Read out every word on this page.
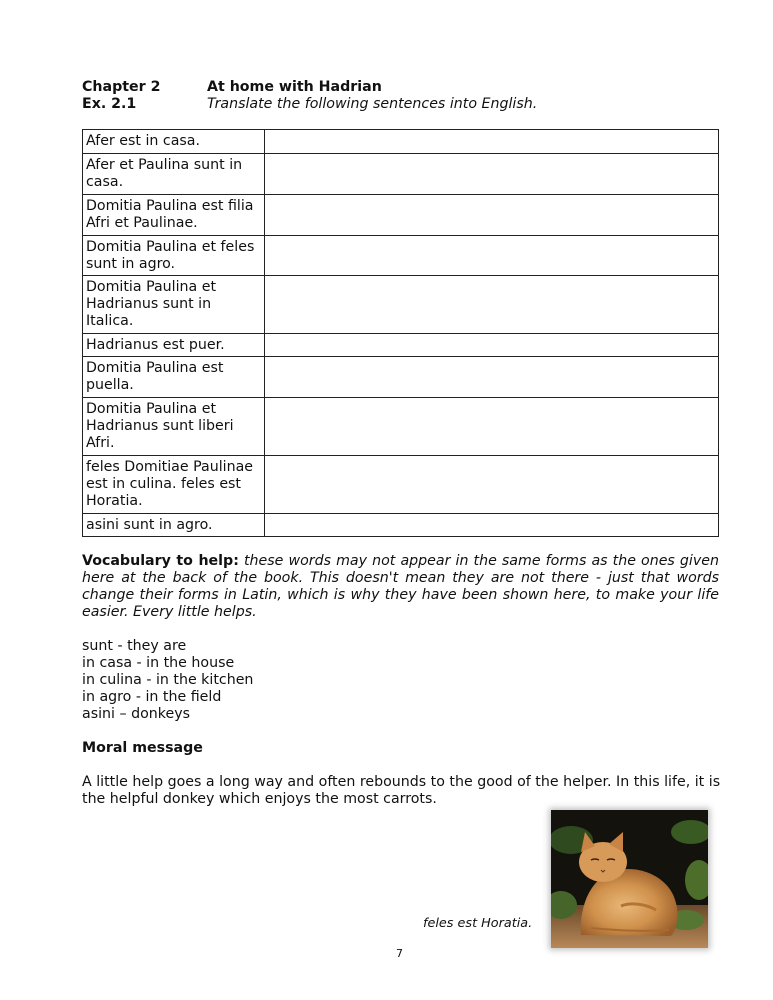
Chapter 2	At home with Hadrian
Ex. 2.1	Translate the following sentences into English.
Afer est in casa.	
Afer et Paulina sunt in casa.	
Domitia Paulina est filia Afri et Paulinae.	
Domitia Paulina et feles sunt in agro.	
Domitia Paulina et Hadrianus sunt in Italica.	
Hadrianus est puer.	
Domitia Paulina est puella.	
Domitia Paulina et Hadrianus sunt liberi Afri.	
feles Domitiae Paulinae est in culina. feles est Horatia.	
asini sunt in agro.	
Vocabulary to help: these words may not appear in the same forms as the ones given here at the back of the book. This doesn't mean they are not there - just that words change their forms in Latin, which is why they have been shown here, to make your life easier. Every little helps.
sunt - they are
in casa - in the house
in culina - in the kitchen
in agro - in the field
asini – donkeys
Moral message
A little help goes a long way and often rebounds to the good of the helper. In this life, it is the helpful donkey which enjoys the most carrots.
feles est Horatia.
7
